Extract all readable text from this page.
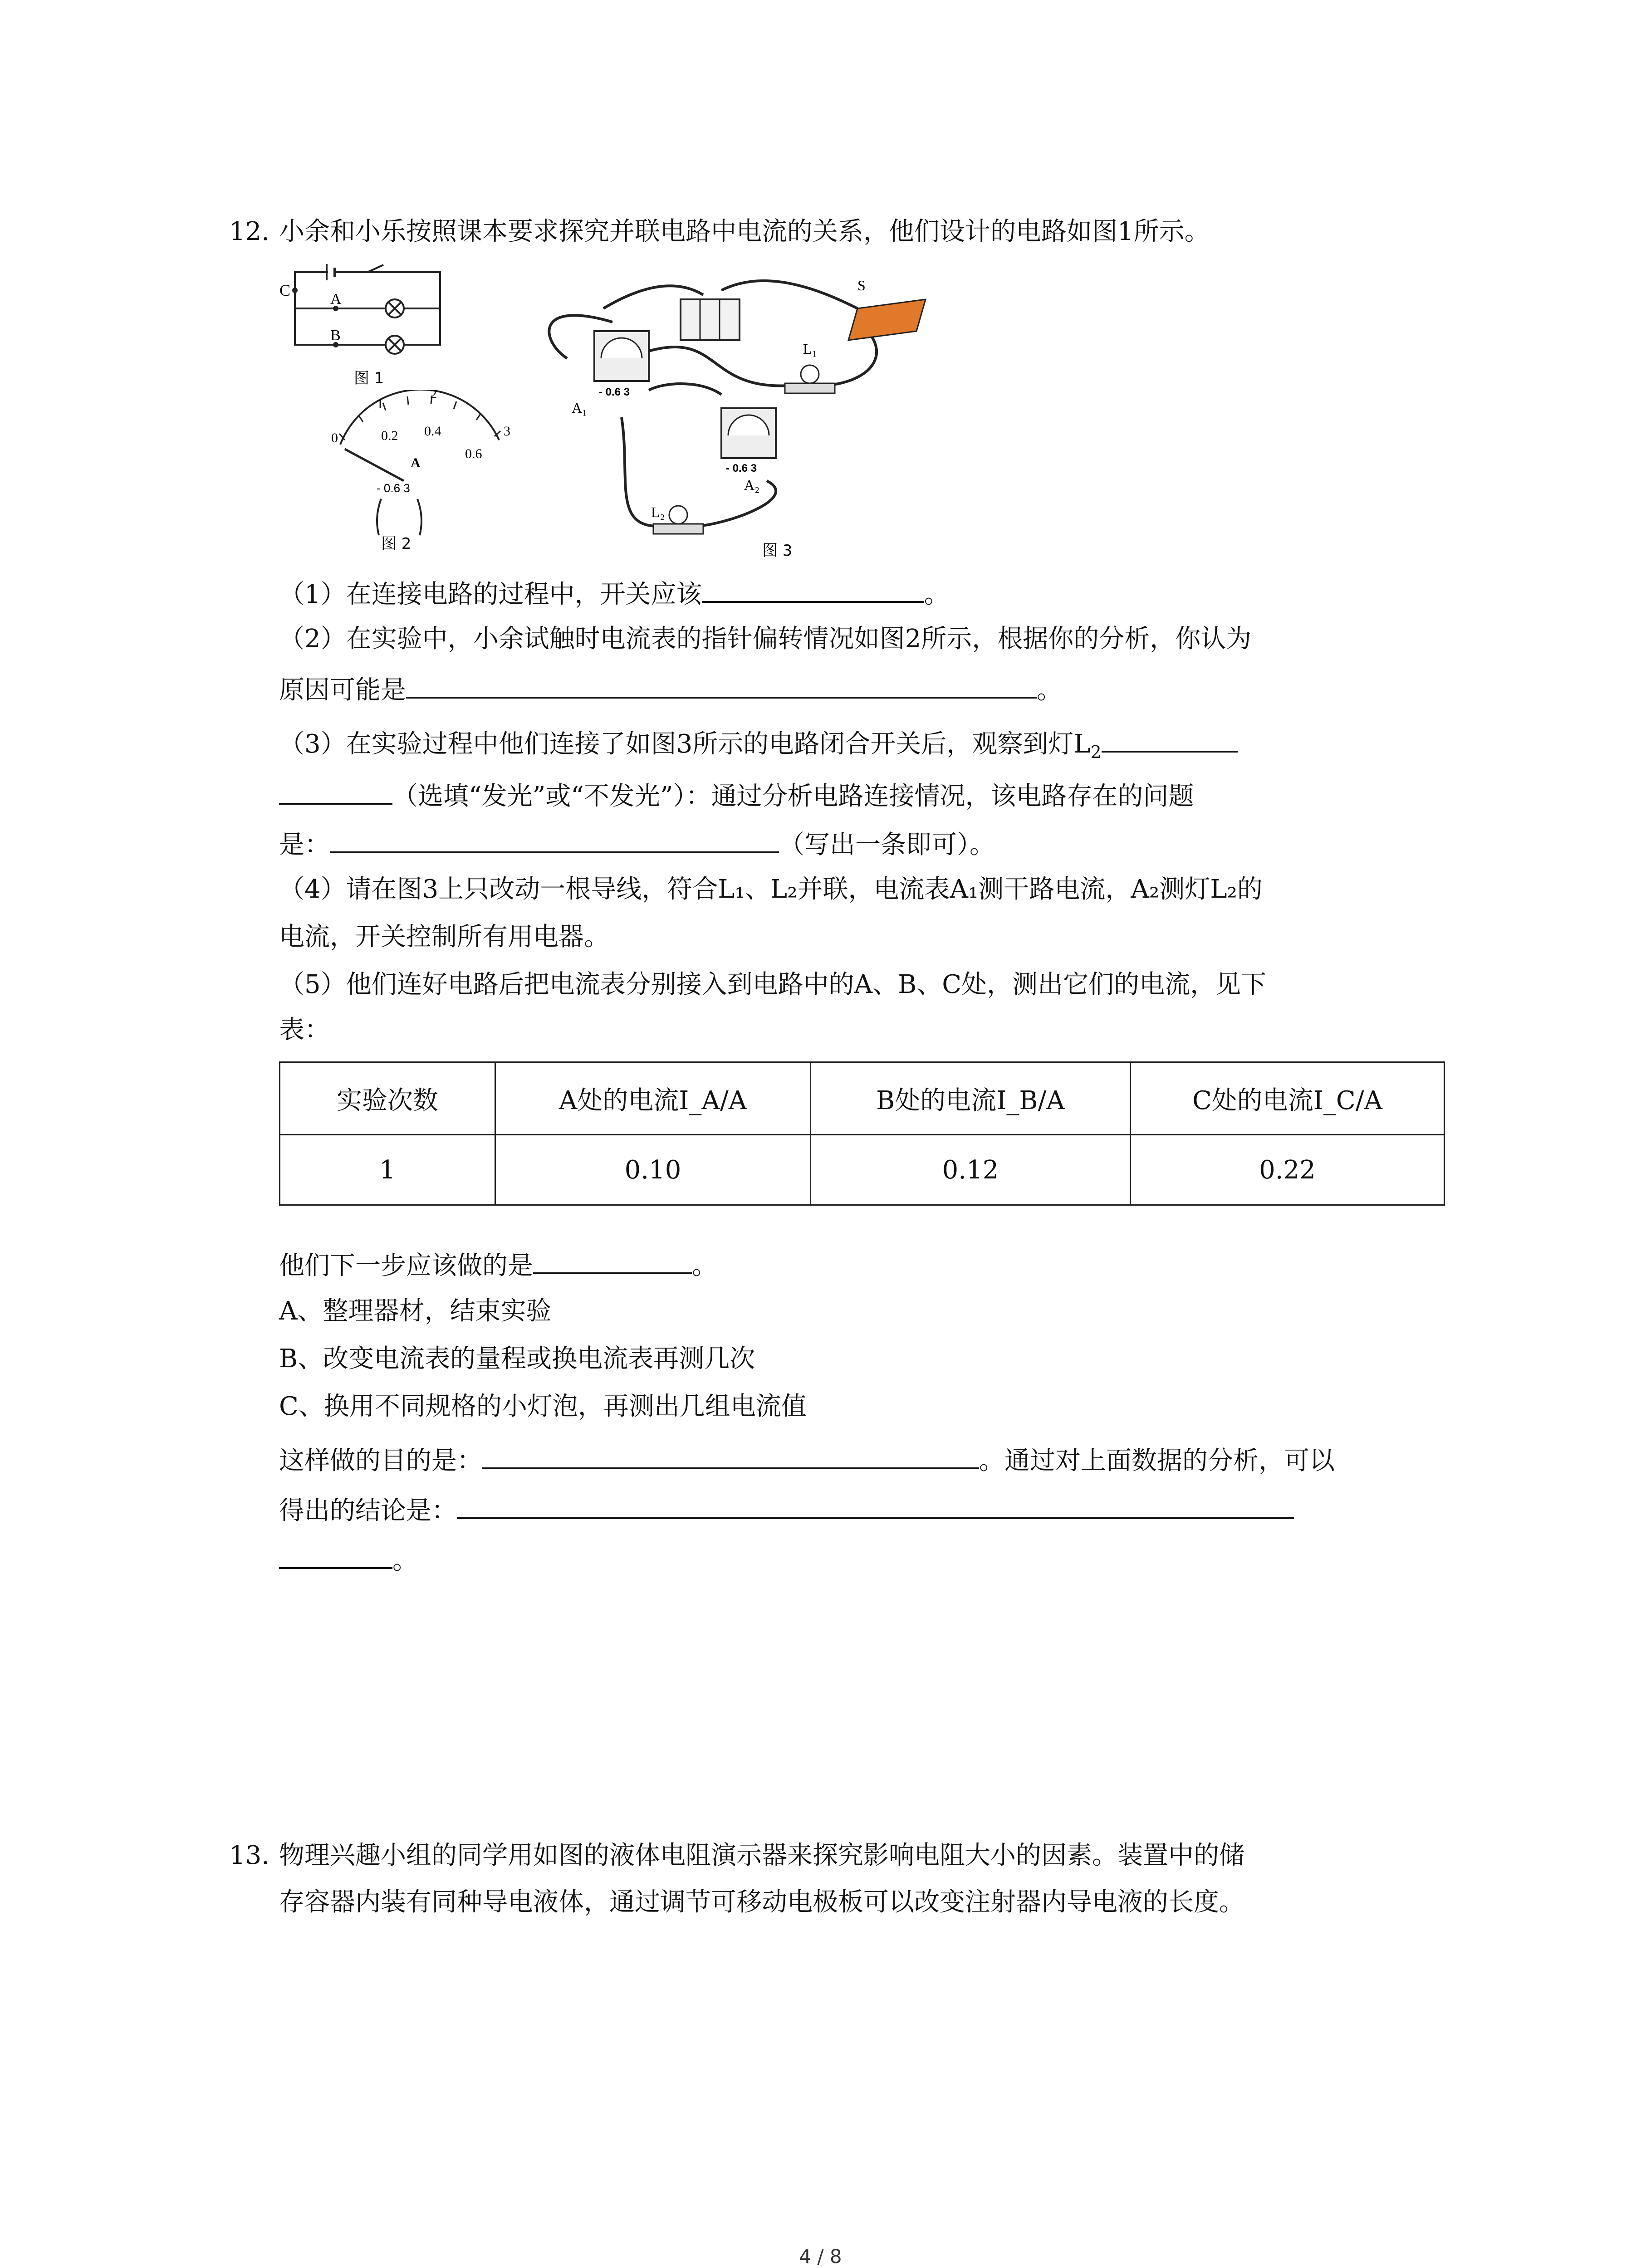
12. 小余和小乐按照课本要求探究并联电路中电流的关系，他们设计的电路如图1所示。
C	A
B
图 1
0
1
2
3
0.2 0.4
0.6
A
- 0.6 3
图 2
S
- 0.6 3
A₁
- 0.6 3
A₂
L₁
L₂
图 3
（1）在连接电路的过程中，开关应该	。
（2）在实验中，小余试触时电流表的指针偏转情况如图2所示，根据你的分析，你认为
原因可能是	。
（3）在实验过程中他们连接了如图3所示的电路闭合开关后，观察到灯$L_2$
（选填“发光”或“不发光”）：通过分析电路连接情况，该电路存在的问题
是：	（写出一条即可）。
（4）请在图3上只改动一根导线，符合L₁、L₂并联，电流表A₁测干路电流，A₂测灯L₂的
电流，开关控制所有用电器。
（5）他们连好电路后把电流表分别接入到电路中的A、B、C处，测出它们的电流，见下
表：
实验次数	A处的电流I_A/A	B处的电流I_B/A	C处的电流I_C/A
1	0.10	0.12	0.22
他们下一步应该做的是	。
A、整理器材，结束实验
B、改变电流表的量程或换电流表再测几次
C、换用不同规格的小灯泡，再测出几组电流值
这样做的目的是：	。通过对上面数据的分析，可以
得出的结论是：
。
13. 物理兴趣小组的同学用如图的液体电阻演示器来探究影响电阻大小的因素。装置中的储
存容器内装有同种导电液体，通过调节可移动电极板可以改变注射器内导电液的长度。
4 / 8
